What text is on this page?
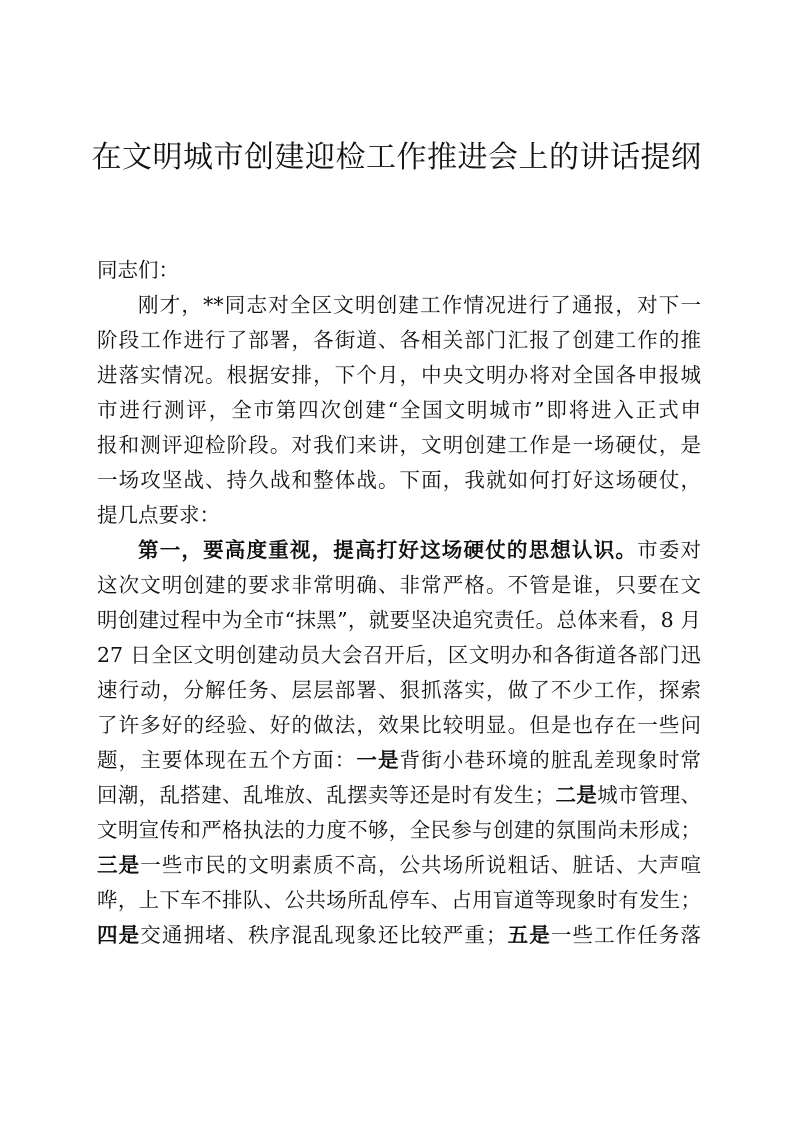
在文明城市创建迎检工作推进会上的讲话提纲
同志们：
刚才，**同志对全区文明创建工作情况进行了通报，对下一
阶段工作进行了部署，各街道、各相关部门汇报了创建工作的推
进落实情况。根据安排，下个月，中央文明办将对全国各申报城
市进行测评，全市第四次创建“全国文明城市”即将进入正式申
报和测评迎检阶段。对我们来讲，文明创建工作是一场硬仗，是
一场攻坚战、持久战和整体战。下面，我就如何打好这场硬仗，
提几点要求：
第一，要高度重视，提高打好这场硬仗的思想认识。市委对
这次文明创建的要求非常明确、非常严格。不管是谁，只要在文
明创建过程中为全市“抹黑”，就要坚决追究责任。总体来看，8 月
27 日全区文明创建动员大会召开后，区文明办和各街道各部门迅
速行动，分解任务、层层部署、狠抓落实，做了不少工作，探索
了许多好的经验、好的做法，效果比较明显。但是也存在一些问
题，主要体现在五个方面：一是背街小巷环境的脏乱差现象时常
回潮，乱搭建、乱堆放、乱摆卖等还是时有发生；二是城市管理、
文明宣传和严格执法的力度不够，全民参与创建的氛围尚未形成；
三是一些市民的文明素质不高，公共场所说粗话、脏话、大声喧
哗，上下车不排队、公共场所乱停车、占用盲道等现象时有发生；
四是交通拥堵、秩序混乱现象还比较严重；五是一些工作任务落
